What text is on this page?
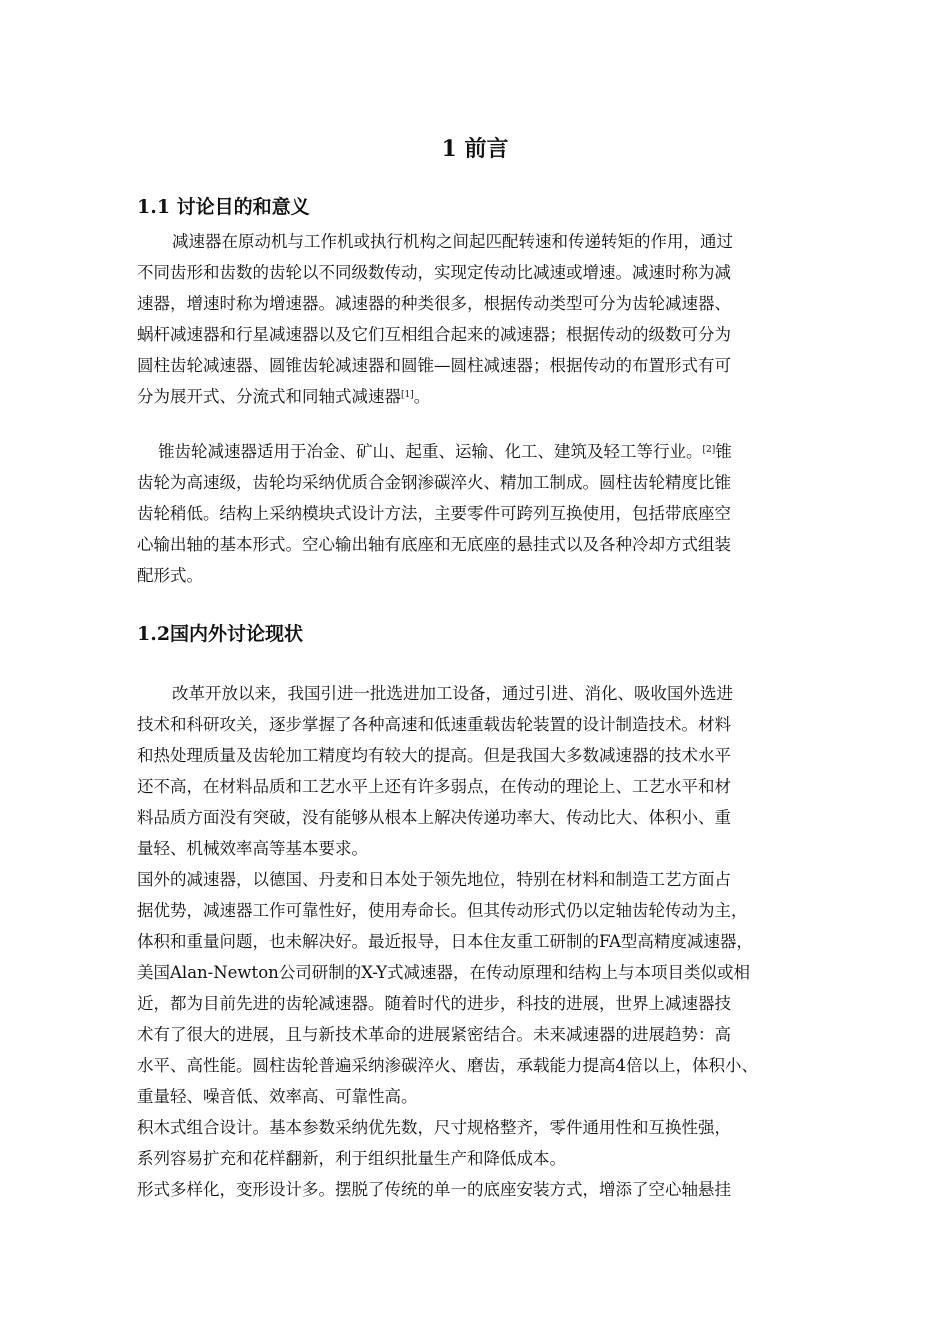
1 前言
1.1 讨论目的和意义

减速器在原动机与工作机或执行机构之间起匹配转速和传递转矩的作用，通过

不同齿形和齿数的齿轮以不同级数传动，实现定传动比减速或增速。减速时称为减

速器，增速时称为增速器。减速器的种类很多，根据传动类型可分为齿轮减速器、

蜗杆减速器和行星减速器以及它们互相组合起来的减速器；根据传动的级数可分为

圆柱齿轮减速器、圆锥齿轮减速器和圆锥—圆柱减速器；根据传动的布置形式有可

分为展开式、分流式和同轴式减速器[1]。

锥齿轮减速器适用于冶金、矿山、起重、运输、化工、建筑及轻工等行业。[2]锥

齿轮为高速级，齿轮均采纳优质合金钢渗碳淬火、精加工制成。圆柱齿轮精度比锥

齿轮稍低。结构上采纳模块式设计方法，主要零件可跨列互换使用，包括带底座空

心输出轴的基本形式。空心输出轴有底座和无底座的悬挂式以及各种冷却方式组装

配形式。

1.2国内外讨论现状

改革开放以来，我国引进一批选进加工设备，通过引进、消化、吸收国外选进

技术和科研攻关，逐步掌握了各种高速和低速重载齿轮装置的设计制造技术。材料

和热处理质量及齿轮加工精度均有较大的提高。但是我国大多数减速器的技术水平

还不高，在材料品质和工艺水平上还有许多弱点，在传动的理论上、工艺水平和材

料品质方面没有突破，没有能够从根本上解决传递功率大、传动比大、体积小、重

量轻、机械效率高等基本要求。

国外的减速器，以德国、丹麦和日本处于领先地位，特别在材料和制造工艺方面占

据优势，减速器工作可靠性好，使用寿命长。但其传动形式仍以定轴齿轮传动为主，

体积和重量问题，也未解决好。最近报导，日本住友重工研制的FA型高精度减速器，

美国Alan-Newton公司研制的X-Y式减速器，在传动原理和结构上与本项目类似或相

近，都为目前先进的齿轮减速器。随着时代的进步，科技的进展，世界上减速器技

术有了很大的进展，且与新技术革命的进展紧密结合。未来减速器的进展趋势：高

水平、高性能。圆柱齿轮普遍采纳渗碳淬火、磨齿，承载能力提高4倍以上，体积小、

重量轻、噪音低、效率高、可靠性高。

积木式组合设计。基本参数采纳优先数，尺寸规格整齐，零件通用性和互换性强，

系列容易扩充和花样翻新，利于组织批量生产和降低成本。

形式多样化，变形设计多。摆脱了传统的单一的底座安装方式，增添了空心轴悬挂
